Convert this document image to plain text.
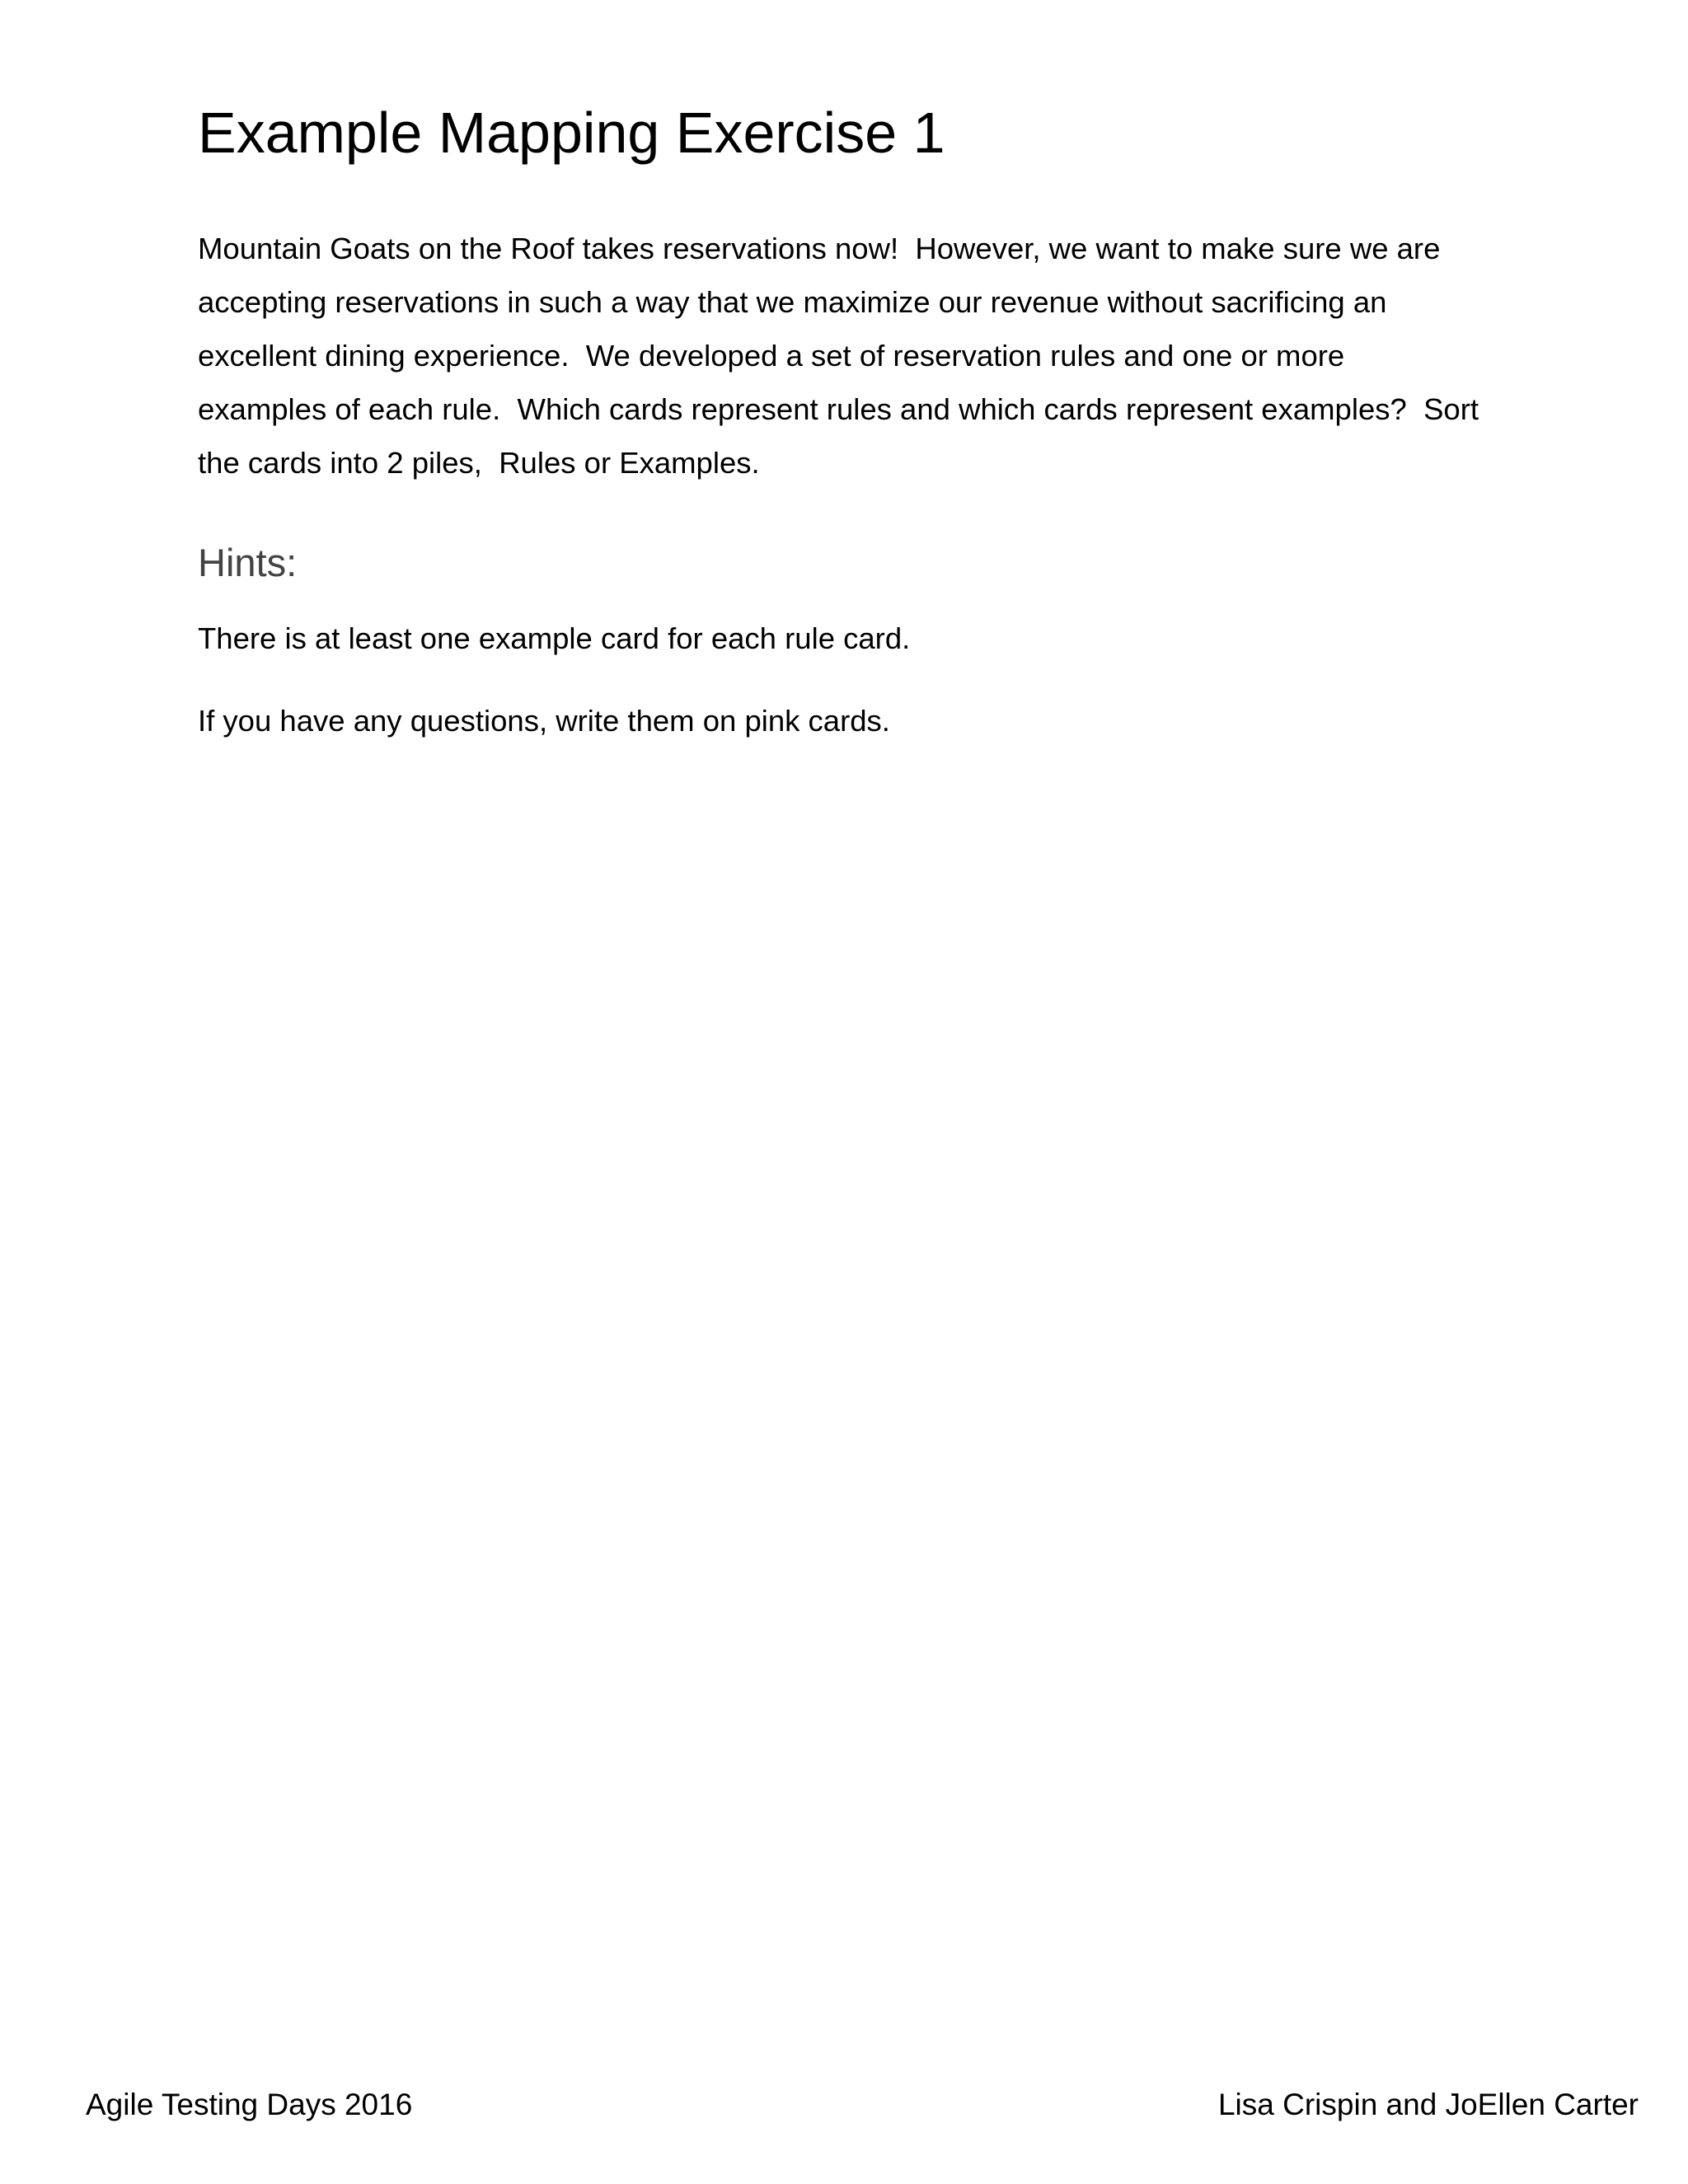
Example Mapping Exercise 1

Mountain Goats on the Roof takes reservations now!  However, we want to make sure we are
accepting reservations in such a way that we maximize our revenue without sacrificing an
excellent dining experience.  We developed a set of reservation rules and one or more
examples of each rule.  Which cards represent rules and which cards represent examples?  Sort
the cards into 2 piles,  Rules or Examples.

Hints:

There is at least one example card for each rule card.

If you have any questions, write them on pink cards.

Agile Testing Days 2016	Lisa Crispin and JoEllen Carter
